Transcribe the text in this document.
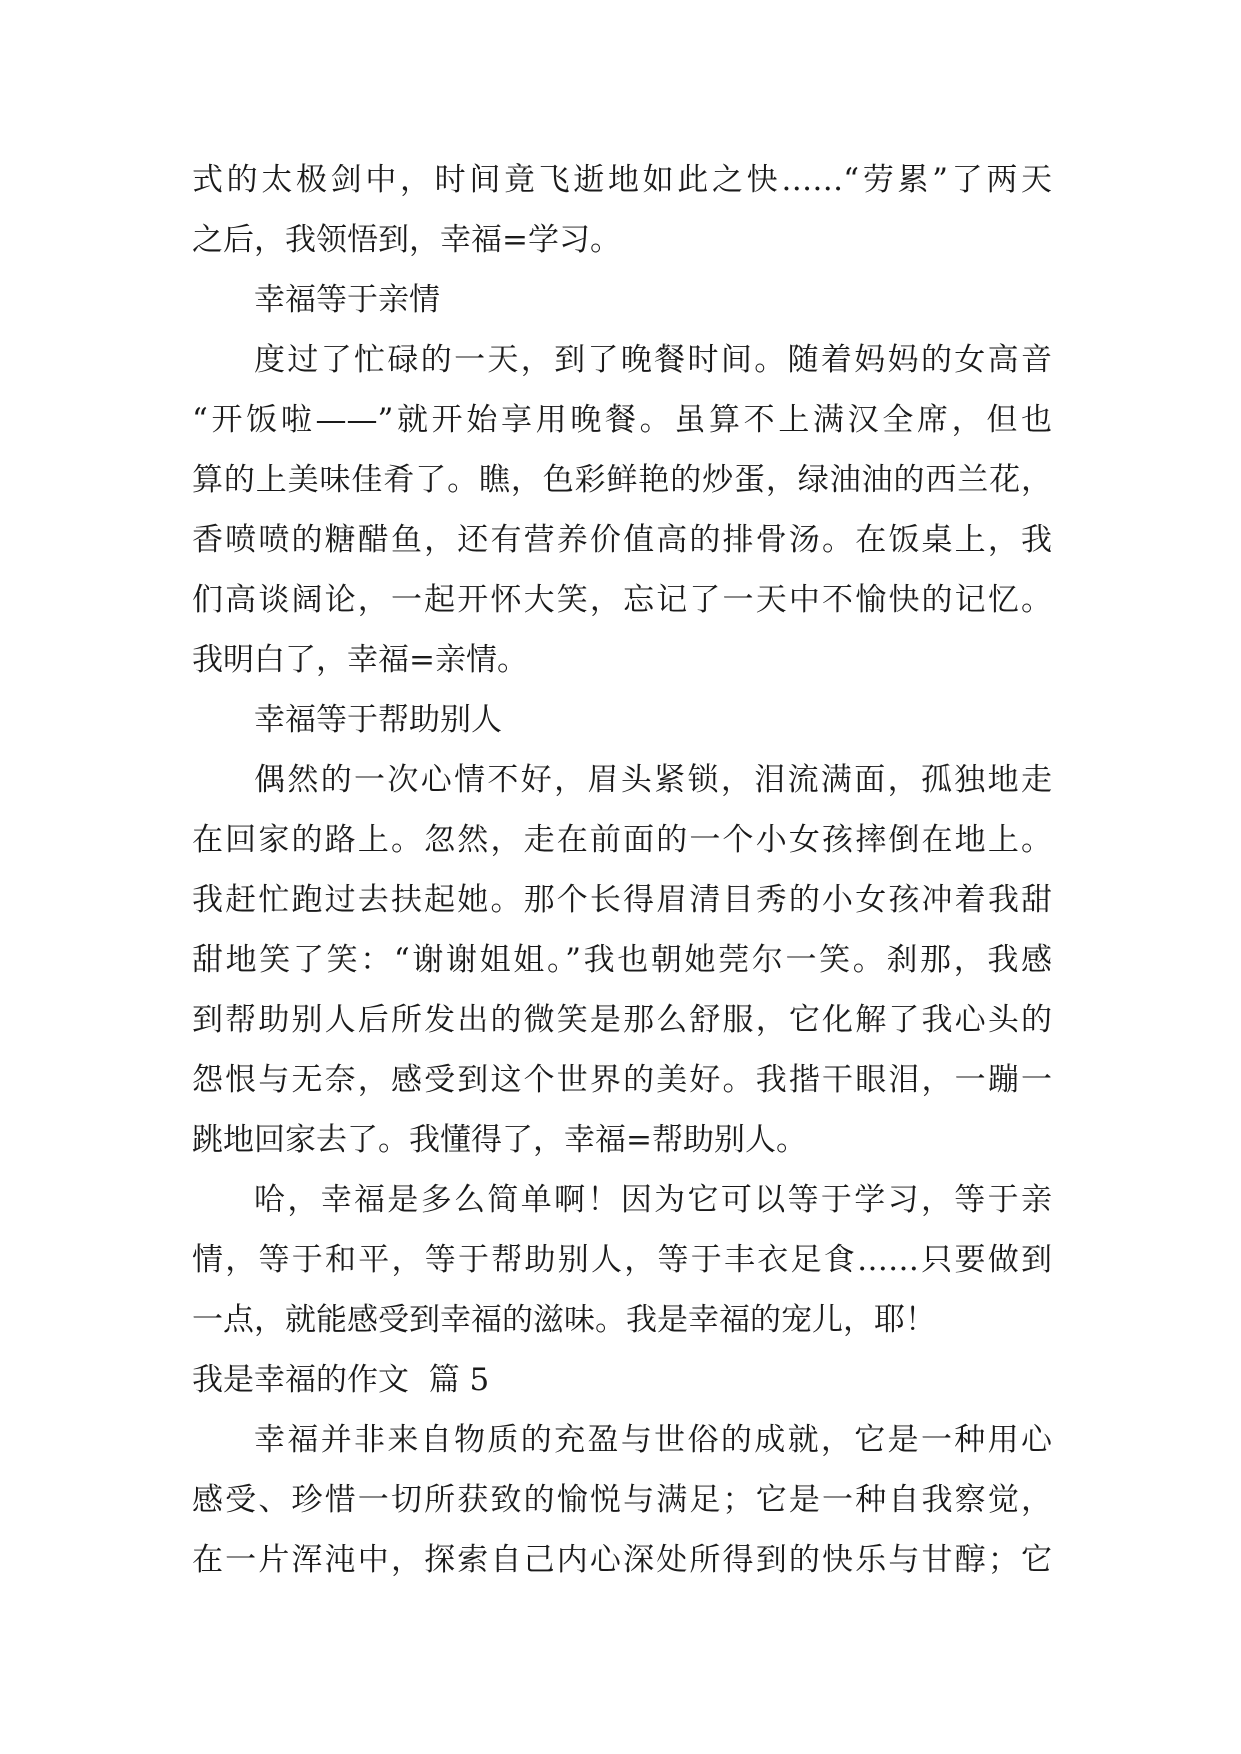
式的太极剑中，时间竟飞逝地如此之快……“劳累”了两天
之后，我领悟到，幸福=学习。
幸福等于亲情
度过了忙碌的一天，到了晚餐时间。随着妈妈的女高音
“开饭啦——”就开始享用晚餐。虽算不上满汉全席，但也
算的上美味佳肴了。瞧，色彩鲜艳的炒蛋，绿油油的西兰花，
香喷喷的糖醋鱼，还有营养价值高的排骨汤。在饭桌上，我
们高谈阔论，一起开怀大笑，忘记了一天中不愉快的记忆。
我明白了，幸福=亲情。
幸福等于帮助别人
偶然的一次心情不好，眉头紧锁，泪流满面，孤独地走
在回家的路上。忽然，走在前面的一个小女孩摔倒在地上。
我赶忙跑过去扶起她。那个长得眉清目秀的小女孩冲着我甜
甜地笑了笑：“谢谢姐姐。”我也朝她莞尔一笑。刹那，我感
到帮助别人后所发出的微笑是那么舒服，它化解了我心头的
怨恨与无奈，感受到这个世界的美好。我揩干眼泪，一蹦一
跳地回家去了。我懂得了，幸福=帮助别人。
哈，幸福是多么简单啊！因为它可以等于学习，等于亲
情，等于和平，等于帮助别人，等于丰衣足食……只要做到
一点，就能感受到幸福的滋味。我是幸福的宠儿，耶！
我是幸福的作文  篇 5
幸福并非来自物质的充盈与世俗的成就，它是一种用心
感受、珍惜一切所获致的愉悦与满足；它是一种自我察觉，
在一片浑沌中，探索自己内心深处所得到的快乐与甘醇；它
